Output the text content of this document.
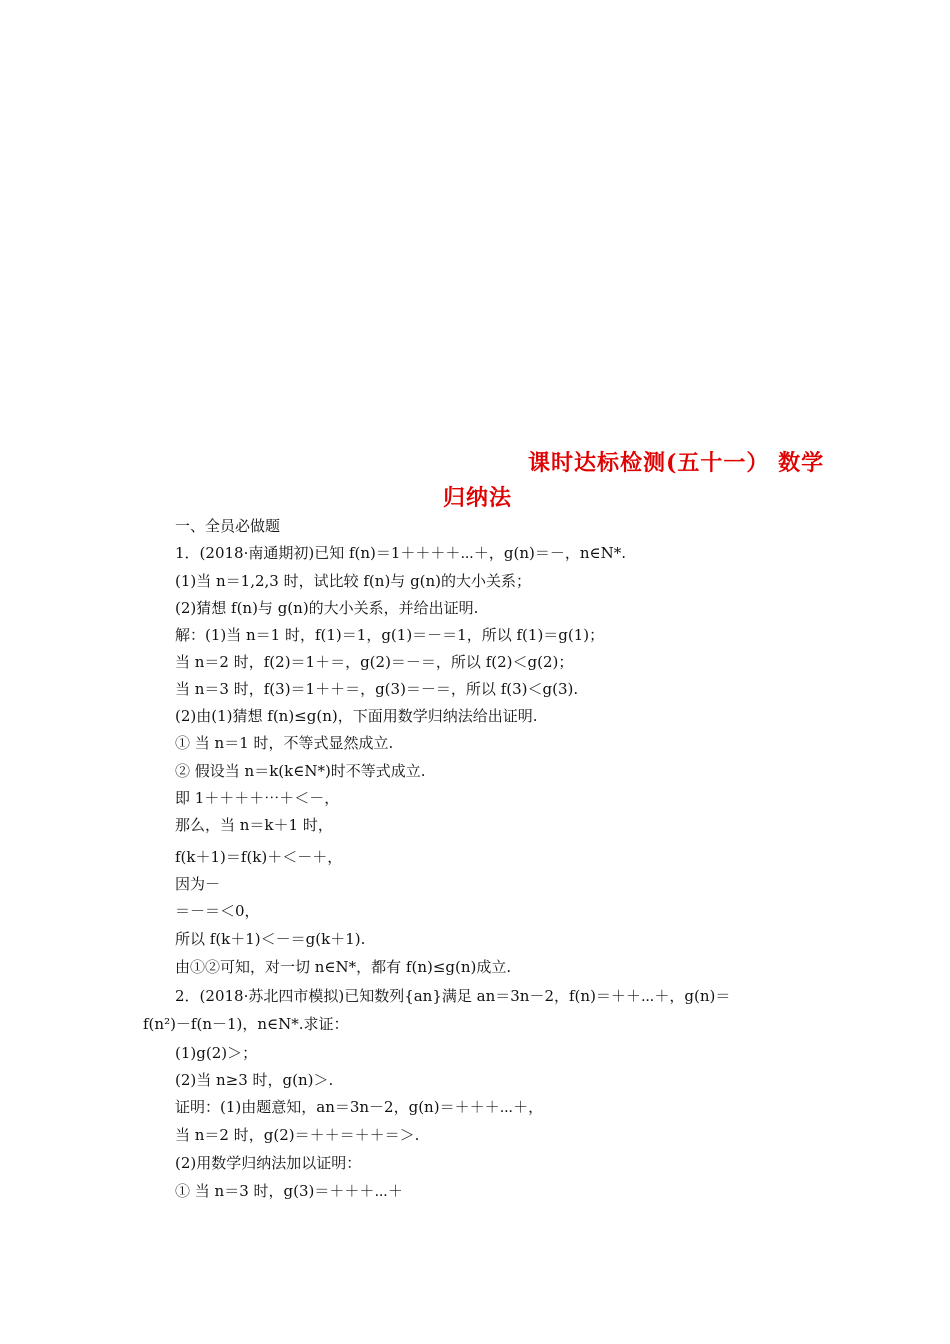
课时达标检测(五十一） 数学
归纳法
一、全员必做题
1．(2018·南通期初)已知 f(n)＝1＋＋＋＋⋯＋，g(n)＝－，n∈N*.
(1)当 n＝1,2,3 时，试比较 f(n)与 g(n)的大小关系；
(2)猜想 f(n)与 g(n)的大小关系，并给出证明.
解：(1)当 n＝1 时，f(1)＝1，g(1)＝－＝1，所以 f(1)＝g(1)；
当 n＝2 时，f(2)＝1＋＝，g(2)＝－＝，所以 f(2)＜g(2)；
当 n＝3 时，f(3)＝1＋＋＝，g(3)＝－＝，所以 f(3)＜g(3).
(2)由(1)猜想 f(n)≤g(n)，下面用数学归纳法给出证明.
① 当 n＝1 时，不等式显然成立.
② 假设当 n＝k(k∈N*)时不等式成立.
即 1＋＋＋＋⋯＋＜－，
那么，当 n＝k＋1 时，
f(k＋1)＝f(k)＋＜－＋，
因为－
＝－＝＜0，
所以 f(k＋1)＜－＝g(k＋1).
由①②可知，对一切 n∈N*，都有 f(n)≤g(n)成立.
2．(2018·苏北四市模拟)已知数列{an}满足 an＝3n－2，f(n)＝＋＋⋯＋，g(n)＝
f(n²)－f(n－1)，n∈N*.求证：
(1)g(2)＞；
(2)当 n≥3 时，g(n)＞.
证明：(1)由题意知，an＝3n－2，g(n)＝＋＋＋⋯＋，
当 n＝2 时，g(2)＝＋＋＝＋＋＝＞.
(2)用数学归纳法加以证明：
① 当 n＝3 时，g(3)＝＋＋＋⋯＋
